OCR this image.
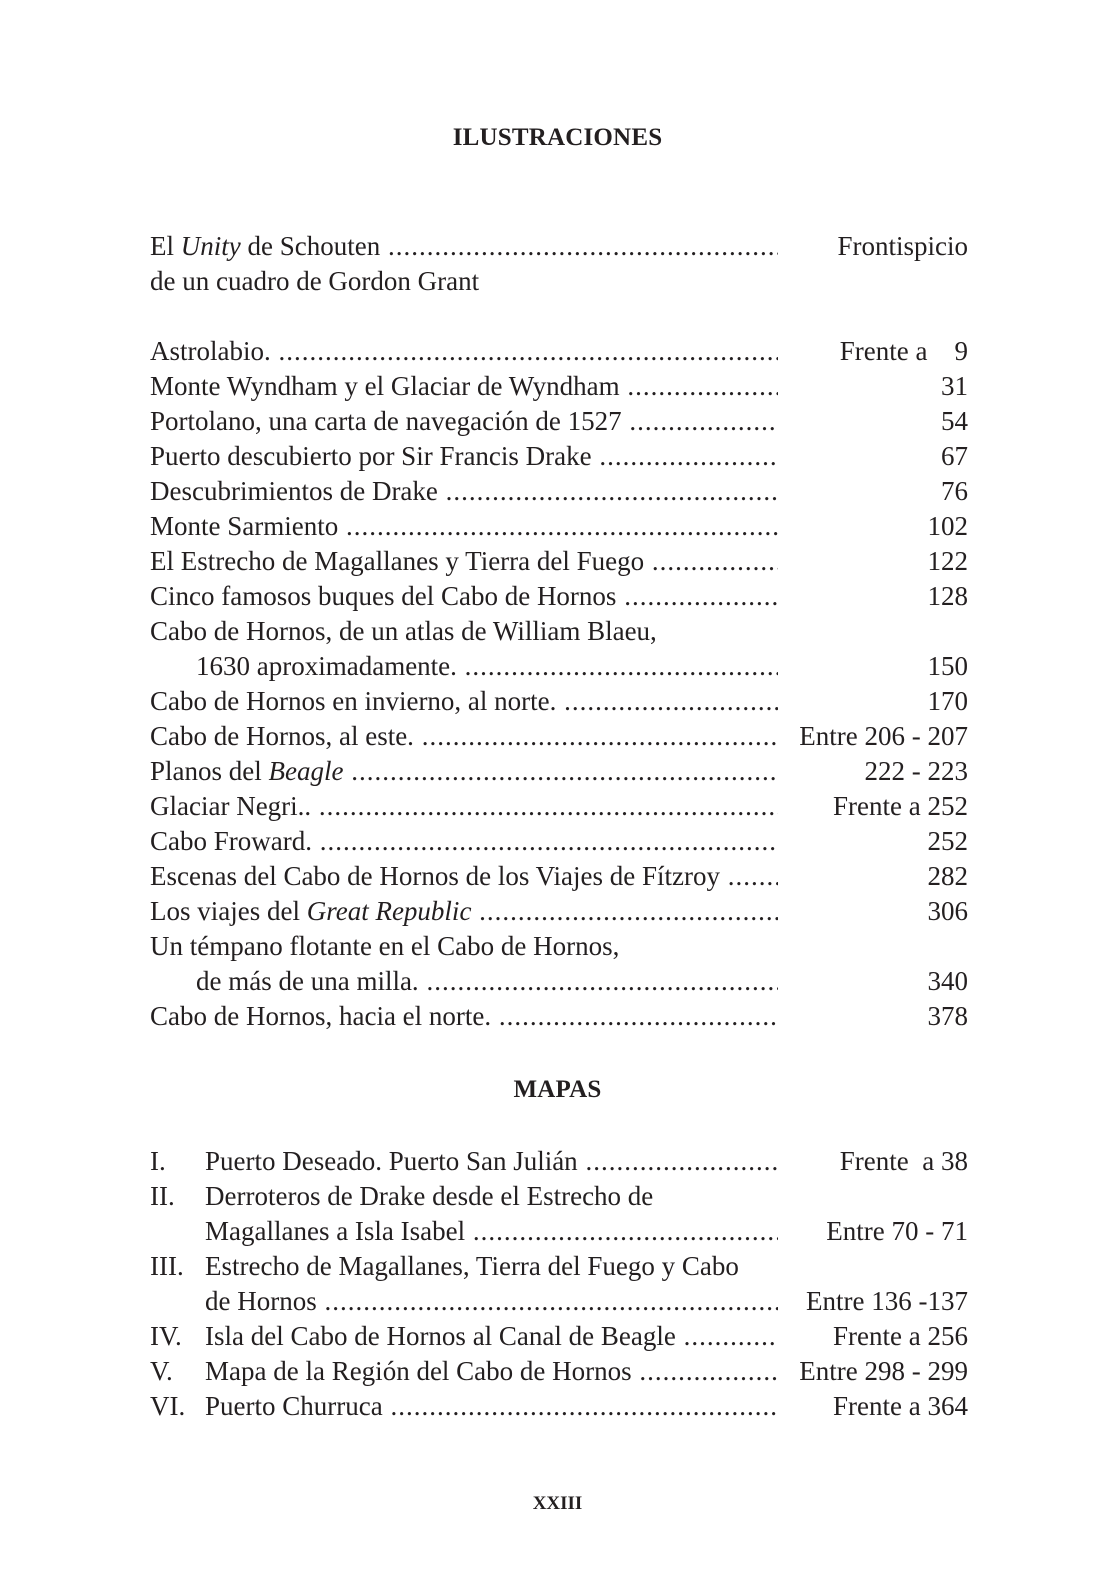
ILUSTRACIONES
El Unity de Schouten .....	Frontispicio
de un cuadro de Gordon Grant
Astrolabio. .....	Frente a    9
Monte Wyndham y el Glaciar de Wyndham .....	31
Portolano, una carta de navegación de 1527 .....	54
Puerto descubierto por Sir Francis Drake .....	67
Descubrimientos de Drake .....	76
Monte Sarmiento .....	102
El Estrecho de Magallanes y Tierra del Fuego .....	122
Cinco famosos buques del Cabo de Hornos .....	128
Cabo de Hornos, de un atlas de William Blaeu,
1630 aproximadamente. .....	150
Cabo de Hornos en invierno, al norte. .....	170
Cabo de Hornos, al este. .....	Entre 206 - 207
Planos del Beagle .....	222 - 223
Glaciar Negri.. .....	Frente a 252
Cabo Froward. .....	252
Escenas del Cabo de Hornos de los Viajes de Fítzroy .....	282
Los viajes del Great Republic .....	306
Un témpano flotante en el Cabo de Hornos,
de más de una milla. .....	340
Cabo de Hornos, hacia el norte. .....	378
MAPAS
I. Puerto Deseado. Puerto San Julián .....	Frente  a 38
II. Derroteros de Drake desde el Estrecho de
Magallanes a Isla Isabel .....	Entre 70 - 71
III. Estrecho de Magallanes, Tierra del Fuego y Cabo
de Hornos .....	Entre 136 -137
IV. Isla del Cabo de Hornos al Canal de Beagle .....	Frente a 256
V. Mapa de la Región del Cabo de Hornos .....	Entre 298 - 299
VI. Puerto Churruca .....	Frente a 364
XXIII
